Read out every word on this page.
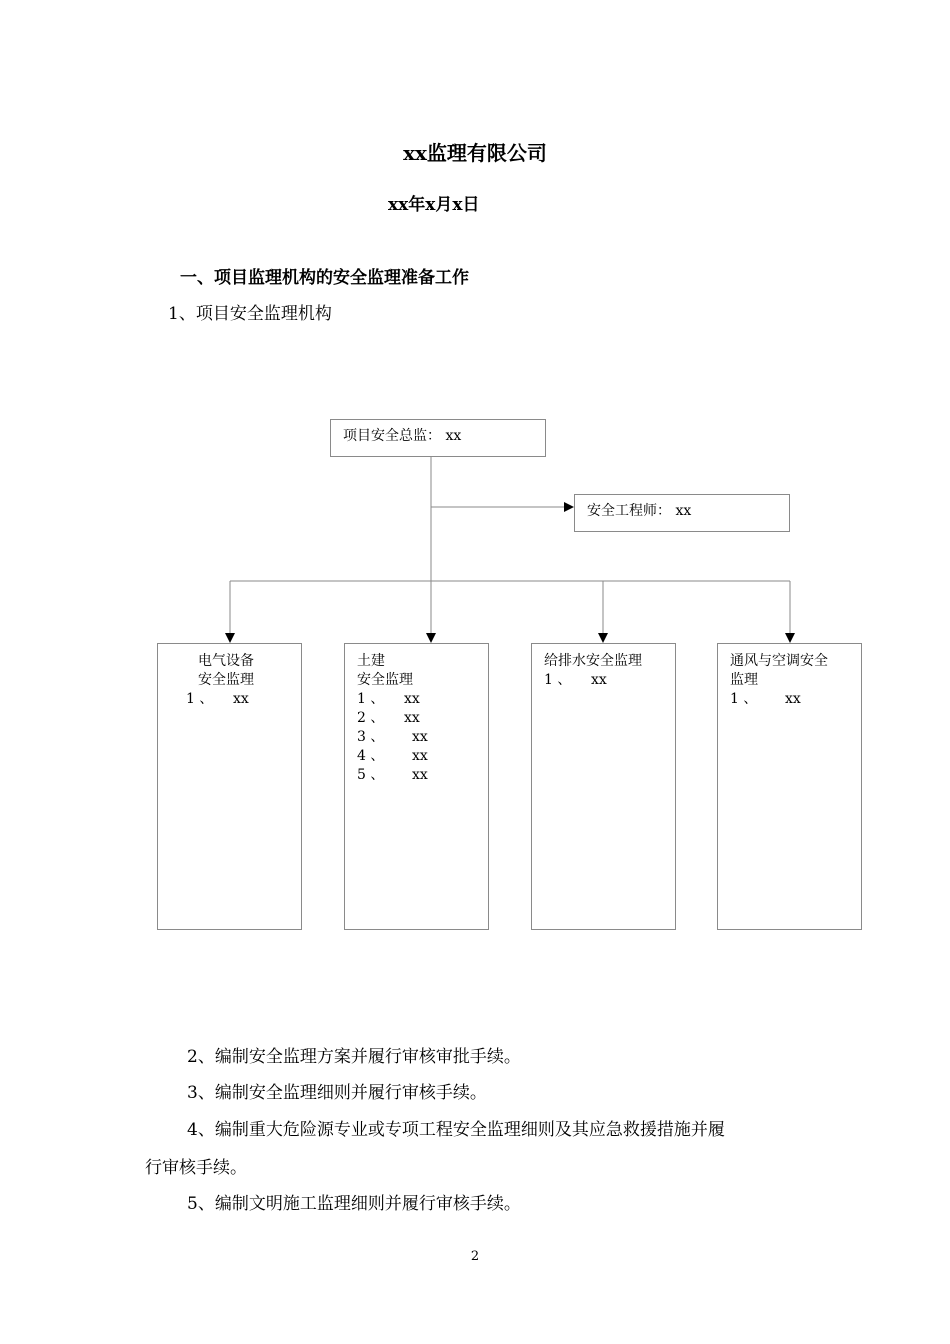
xx监理有限公司
xx年x月x日
一、项目监理机构的安全监理准备工作
1、项目安全监理机构
项目安全总监： xx
安全工程师： xx
电气设备
安全监理
1 、	xx
土建
安全监理
1 、	xx
2 、	xx
3 、	xx
4 、	xx
5 、	xx
给排水安全监理
1 、	xx
通风与空调安全
监理
1 、	xx
2、编制安全监理方案并履行审核审批手续。
3、编制安全监理细则并履行审核手续。
4、编制重大危险源专业或专项工程安全监理细则及其应急救援措施并履
行审核手续。
5、编制文明施工监理细则并履行审核手续。
2
